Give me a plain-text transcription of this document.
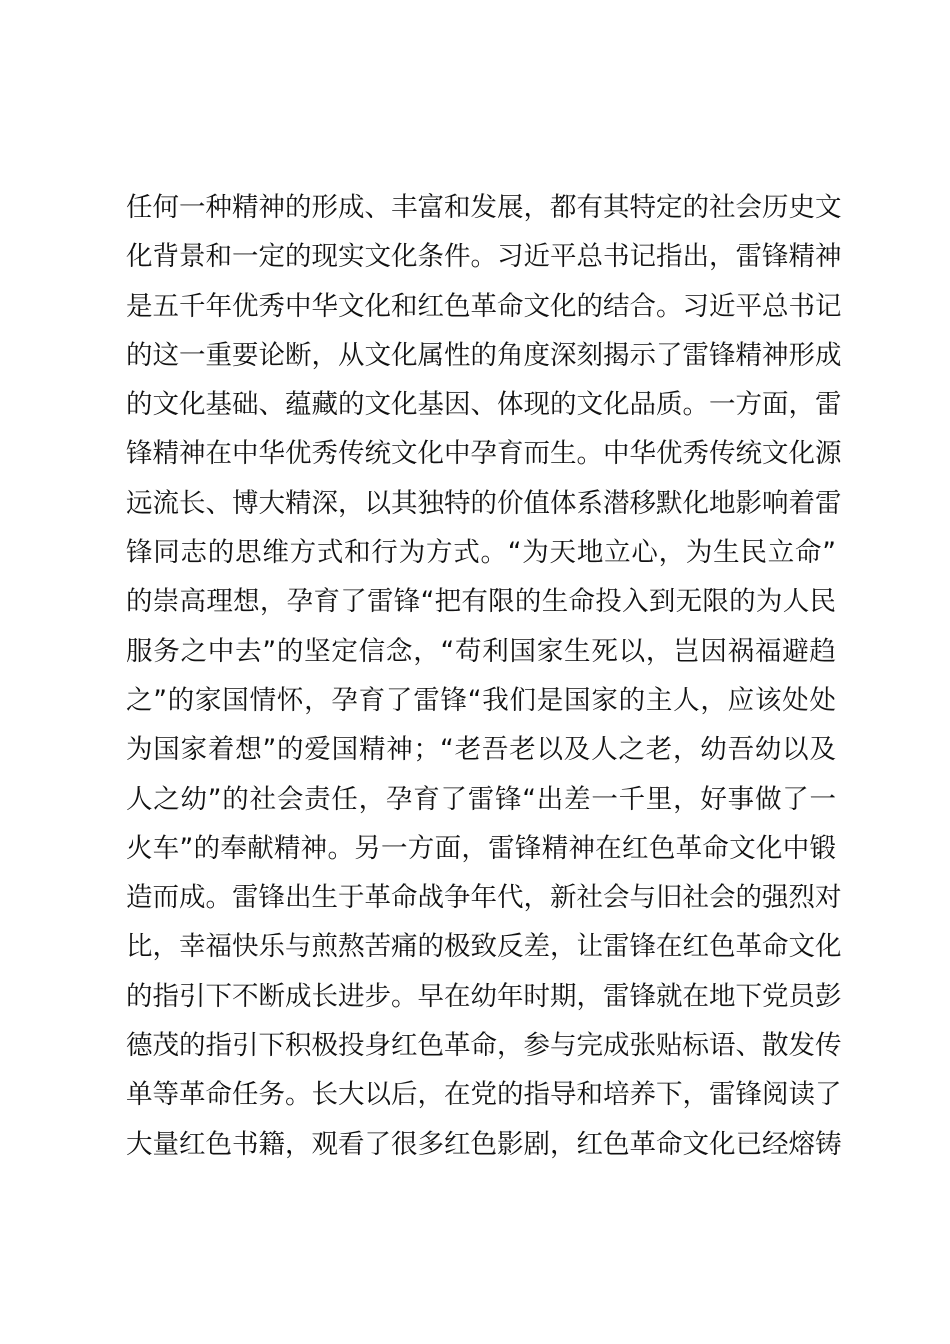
任何一种精神的形成、丰富和发展，都有其特定的社会历史文
化背景和一定的现实文化条件。习近平总书记指出，雷锋精神
是五千年优秀中华文化和红色革命文化的结合。习近平总书记
的这一重要论断，从文化属性的角度深刻揭示了雷锋精神形成
的文化基础、蕴藏的文化基因、体现的文化品质。一方面，雷
锋精神在中华优秀传统文化中孕育而生。中华优秀传统文化源
远流长、博大精深，以其独特的价值体系潜移默化地影响着雷
锋同志的思维方式和行为方式。“为天地立心，为生民立命”
的崇高理想，孕育了雷锋“把有限的生命投入到无限的为人民
服务之中去”的坚定信念，“苟利国家生死以，岂因祸福避趋
之”的家国情怀，孕育了雷锋“我们是国家的主人，应该处处
为国家着想”的爱国精神；“老吾老以及人之老，幼吾幼以及
人之幼”的社会责任，孕育了雷锋“出差一千里，好事做了一
火车”的奉献精神。另一方面，雷锋精神在红色革命文化中锻
造而成。雷锋出生于革命战争年代，新社会与旧社会的强烈对
比，幸福快乐与煎熬苦痛的极致反差，让雷锋在红色革命文化
的指引下不断成长进步。早在幼年时期，雷锋就在地下党员彭
德茂的指引下积极投身红色革命，参与完成张贴标语、散发传
单等革命任务。长大以后，在党的指导和培养下，雷锋阅读了
大量红色书籍，观看了很多红色影剧，红色革命文化已经熔铸
